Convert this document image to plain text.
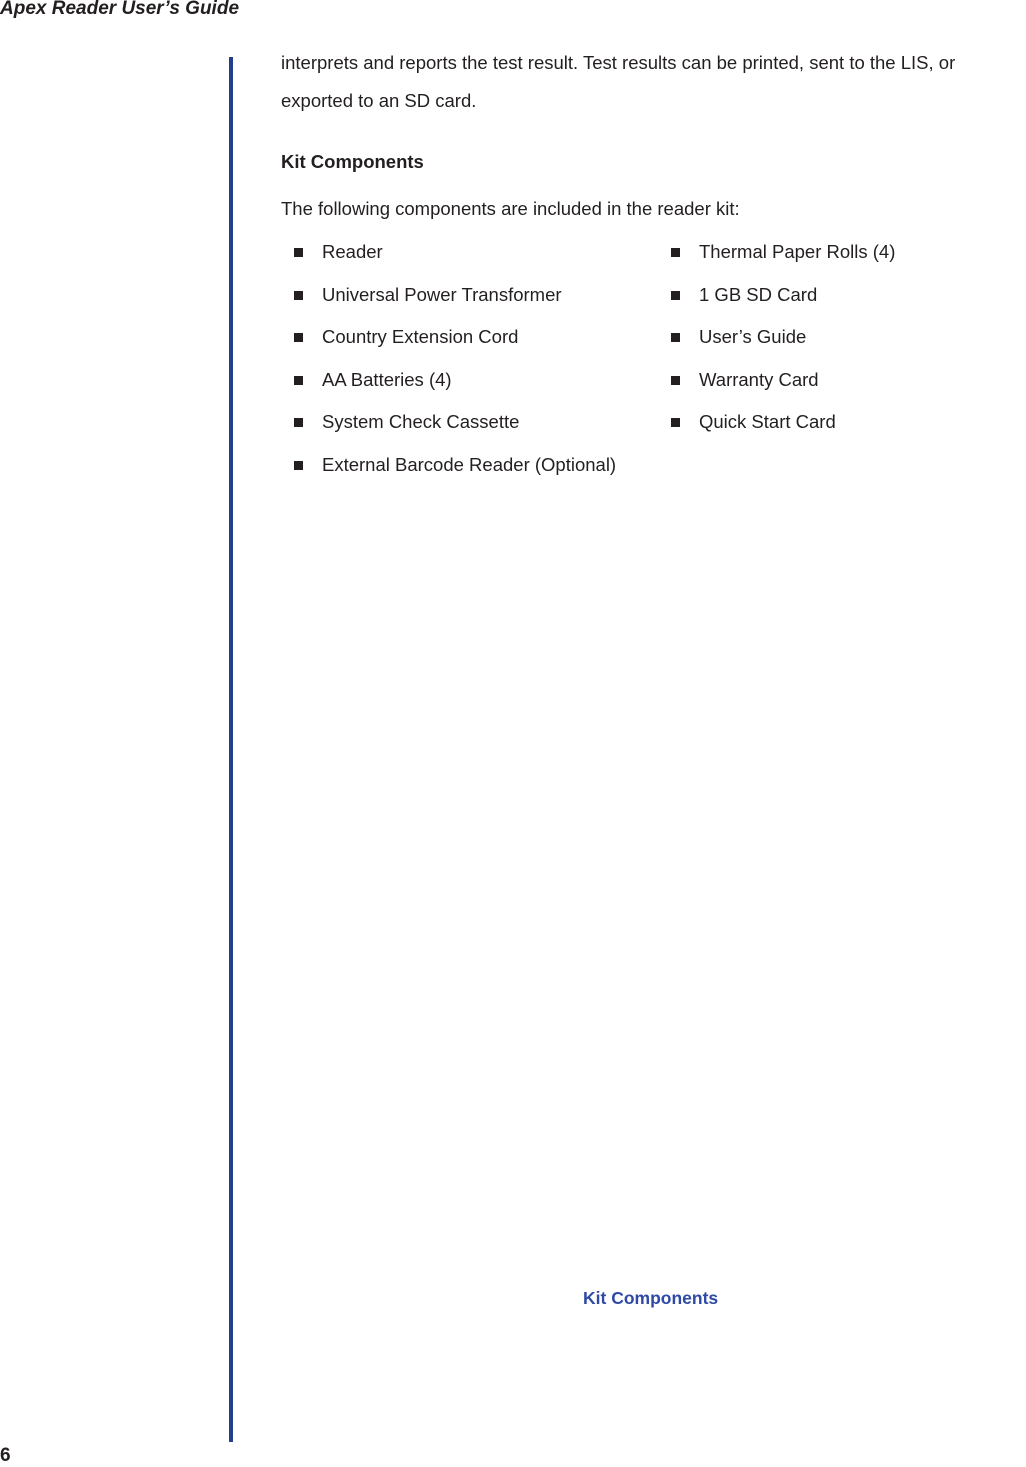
Apex Reader User’s Guide
interprets and reports the test result. Test results can be printed, sent to the LIS, or
exported to an SD card.
Kit Components
The following components are included in the reader kit:
Reader
Universal Power Transformer
Country Extension Cord
AA Batteries (4)
System Check Cassette
External Barcode Reader (Optional)
Thermal Paper Rolls (4)
1 GB SD Card
User’s Guide
Warranty Card
Quick Start Card
Kit Components
6
